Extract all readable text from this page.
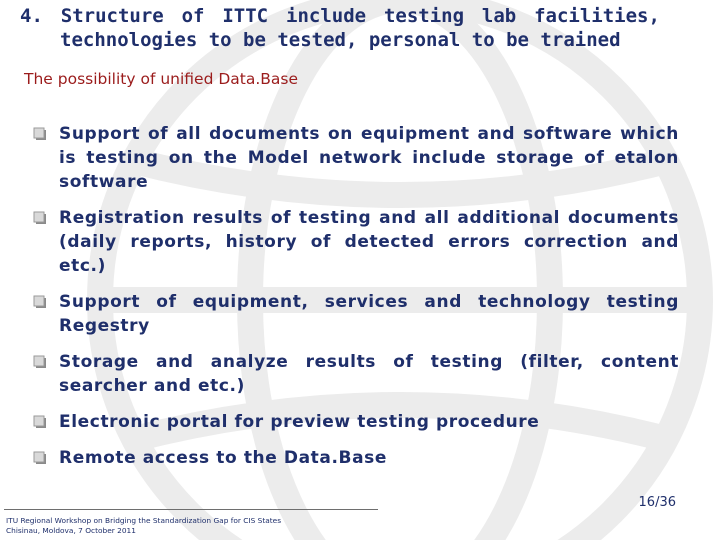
4. Structure of ITTC include testing lab facilities,
technologies to be tested, personal to be trained
The possibility of unified Data.Base
Support of all documents on equipment and software which is testing on the Model network include storage of etalon software
Registration results of testing and all additional documents (daily reports, history of detected errors correction and etc.)
Support of equipment, services and technology testing Regestry
Storage and analyze results of testing (filter, content searcher and etc.)
Electronic portal for preview testing procedure
Remote access to the Data.Base
16/36
ITU Regional Workshop on Bridging the Standardization Gap for CIS States
Chisinau, Moldova, 7 October 2011
